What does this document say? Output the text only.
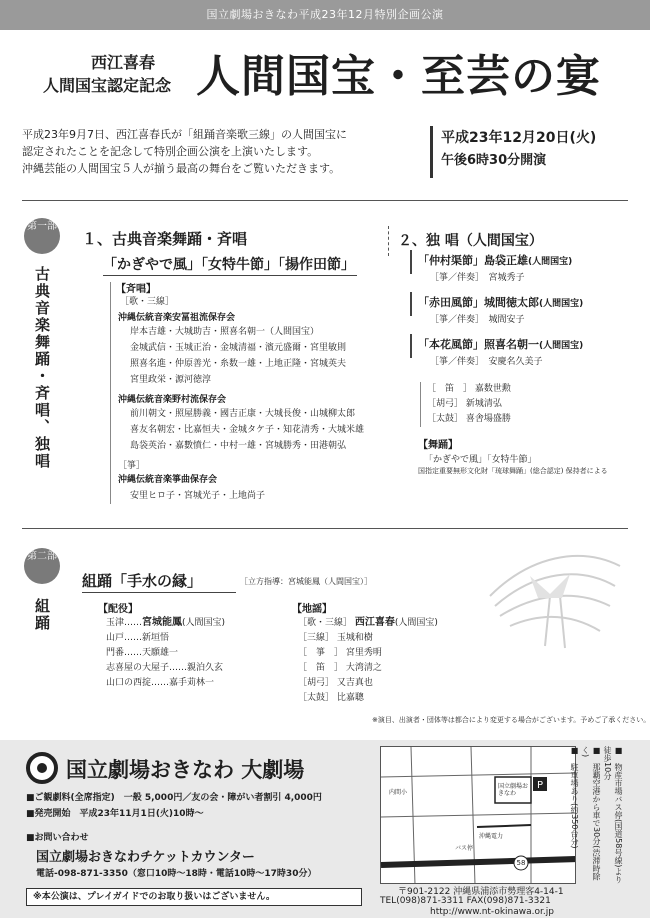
国立劇場おきなわ平成23年12月特別企画公演
西江喜春
人間国宝認定記念 人間国宝・至芸の宴
平成23年9月7日、西江喜春氏が「組踊音楽歌三線」の人間国宝に
認定されたことを記念して特別企画公演を上演いたします。
沖縄芸能の人間国宝５人が揃う最高の舞台をご覧いただきます。
平成23年12月20日(火)
午後6時30分開演
第一部
古典音楽舞踊・斉唱、独唱
１、古典音楽舞踊・斉唱
「かぎやで風」「女特牛節」「揚作田節」
【斉唱】
［歌・三線］
沖縄伝統音楽安冨祖流保存会
岸本吉雄・大城助吉・照喜名朝一（人間国宝）
金城武信・玉城正治・金城清福・濱元盛爾・宮里敏則
照喜名進・仲原善光・糸数一雄・上地正隆・宮城英夫
宮里政栄・源河徳淳
沖縄伝統音楽野村流保存会
前川朝文・照屋勝義・國吉正康・大城長俊・山城柳太郎
喜友名朝宏・比嘉恒夫・金城タケ子・知花清秀・大城米雄
島袋英治・嘉數憤仁・中村一雄・宮城勝秀・田港朝弘
［箏］
沖縄伝統音楽箏曲保存会
安里ヒロ子・宮城光子・上地尚子
２、独 唱（人間国宝）
「仲村渠節」島袋正雄(人間国宝)
［箏／伴奏］　 宮城秀子
「赤田風節」城間徳太郎(人間国宝)
［箏／伴奏］　 城間安子
「本花風節」照喜名朝一(人間国宝)
［箏／伴奏］　 安慶名久美子
［　笛　］ 嘉数世勲
［胡弓］ 新城清弘
［太鼓］ 喜舎場盛勝
【舞踊】
「かぎやで風」「女特牛節」
国指定重要無形文化財「琉球舞踊」(総合認定) 保持者による
第二部
組踊
組踊「手水の縁」	［立方指導：宮城能鳳（人間国宝）］
【配役】
玉津……宮城能鳳(人間国宝)
山戸……新垣悟
門番……天願雄一
志喜屋の大屋子……親泊久玄
山口の西掟……嘉手苅林一
【地謡】
［歌・三線］ 西江喜春(人間国宝)
［三線］ 玉城和樹
［　箏　］ 宮里秀明
［　笛　］ 大湾清之
［胡弓］ 又吉真也
［太鼓］ 比嘉聰
※演目、出演者・団体等は都合により変更する場合がございます。予めご了承ください。
国立劇場おきなわ 大劇場
■ご観劇料(全席指定)　一般 5,000円／友の会・障がい者割引 4,000円
■発売開始　平成23年11月1日(火)10時～
■お問い合わせ
国立劇場おきなわチケットカウンター
電話-098-871-3350（窓口10時～18時・電話10時～17時30分）
※本公演は、プレイガイドでのお取り扱いはございません。
P
国立劇場おきなわ
58
沖縄電力
バス停
内間小	■　物産市場バス停(国道58号線)より徒歩10分
■　那覇空港から車で30分(渋滞時除く)
■　駐車場あり(約350台分)
〒901-2122 沖縄県浦添市勢理客4-14-1
TEL(098)871-3311 FAX(098)871-3321
http://www.nt-okinawa.or.jp
